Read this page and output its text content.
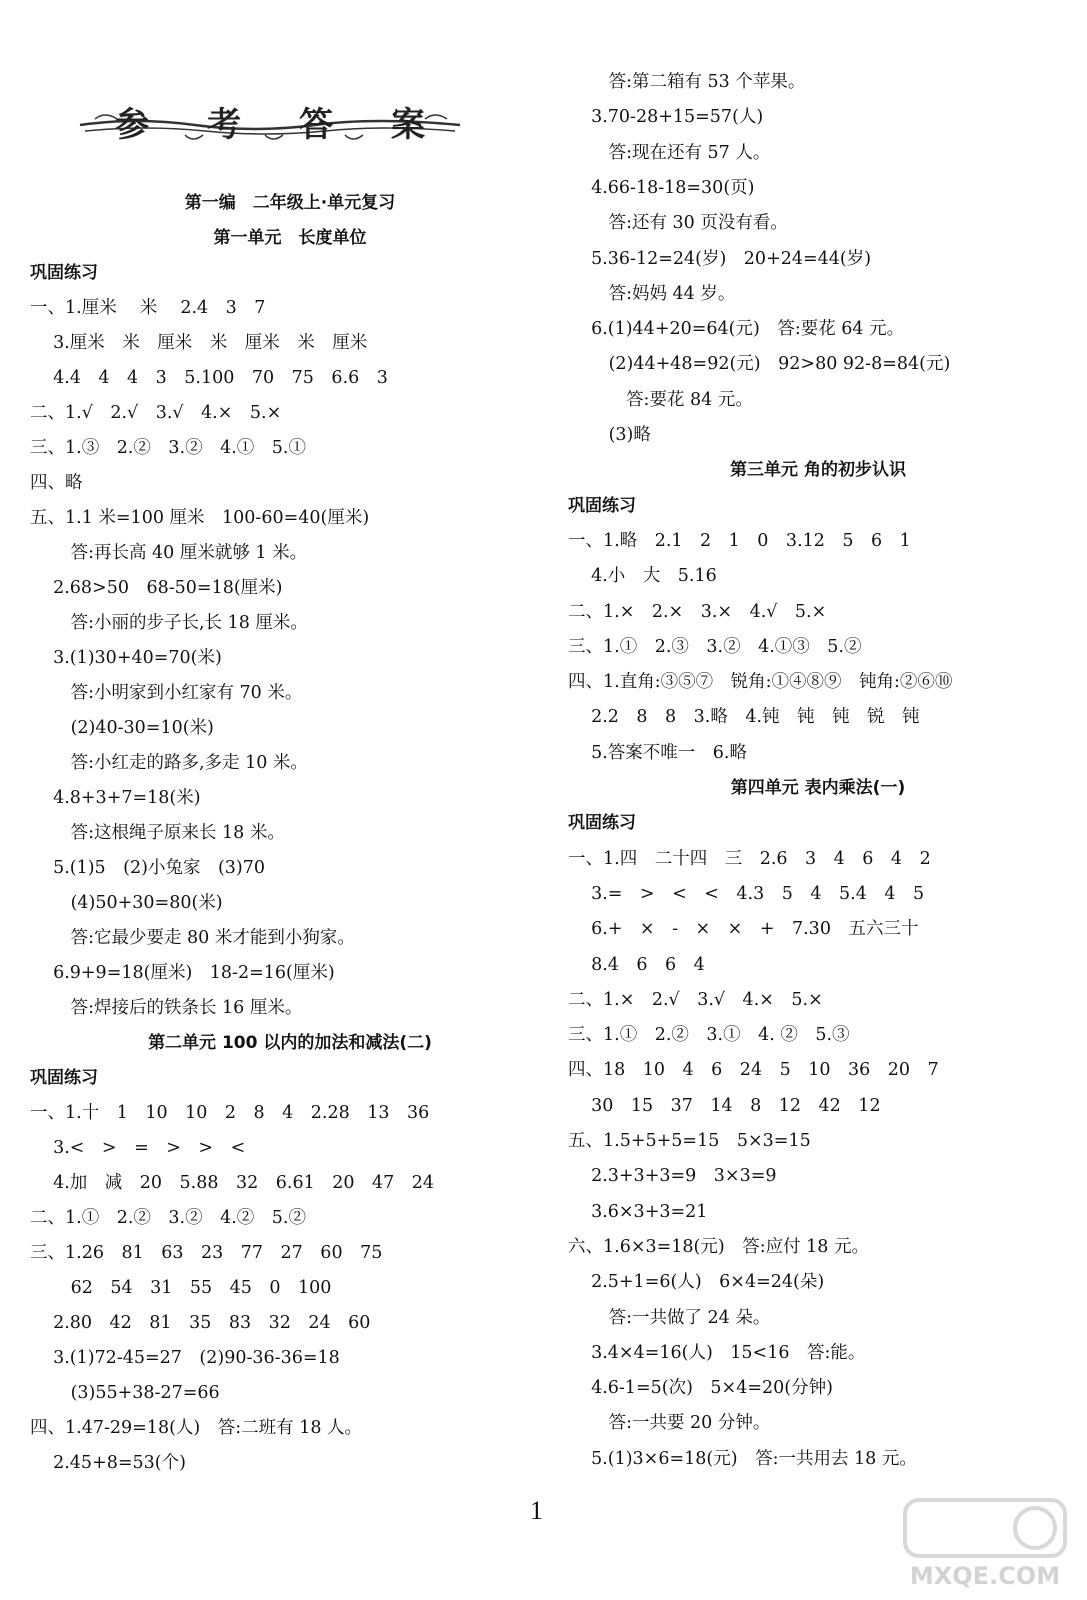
参 考 答 案
第一编　二年级上·单元复习
第一单元　长度单位
巩固练习
一、1.厘米　 米　 2.4　3　7
　 3.厘米　米　厘米　米　厘米　米　厘米
　 4.4　4　4　3　5.100　70　75　6.6　3
二、1.√　2.√　3.√　4.×　5.×
三、1.③　2.②　3.②　4.①　5.①
四、略
五、1.1 米=100 厘米　100-60=40(厘米)
　　 答:再长高 40 厘米就够 1 米。
　 2.68>50　68-50=18(厘米)
　　 答:小丽的步子长,长 18 厘米。
　 3.(1)30+40=70(米)
　　 答:小明家到小红家有 70 米。
　　 (2)40-30=10(米)
　　 答:小红走的路多,多走 10 米。
　 4.8+3+7=18(米)
　　 答:这根绳子原来长 18 米。
　 5.(1)5　(2)小兔家　(3)70
　　 (4)50+30=80(米)
　　 答:它最少要走 80 米才能到小狗家。
　 6.9+9=18(厘米)　18-2=16(厘米)
　　 答:焊接后的铁条长 16 厘米。
第二单元 100 以内的加法和减法(二)
巩固练习
一、1.十　1　10　10　2　8　4　2.28　13　36
　 3.<　>　=　>　>　<
　 4.加　减　20　5.88　32　6.61　20　47　24
二、1.①　2.②　3.②　4.②　5.②
三、1.26　81　63　23　77　27　60　75
　　 62　54　31　55　45　0　100
　 2.80　42　81　35　83　32　24　60
　 3.(1)72-45=27　(2)90-36-36=18
　　 (3)55+38-27=66
四、1.47-29=18(人)　答:二班有 18 人。
　 2.45+8=53(个)
　　 答:第二箱有 53 个苹果。
　 3.70-28+15=57(人)
　　 答:现在还有 57 人。
　 4.66-18-18=30(页)
　　 答:还有 30 页没有看。
　 5.36-12=24(岁)　20+24=44(岁)
　　 答:妈妈 44 岁。
　 6.(1)44+20=64(元)　答:要花 64 元。
　　 (2)44+48=92(元)　92>80 92-8=84(元)
　　　 答:要花 84 元。
　　 (3)略
第三单元 角的初步认识
巩固练习
一、1.略　2.1　2　1　0　3.12　5　6　1
　 4.小　大　5.16
二、1.×　2.×　3.×　4.√　5.×
三、1.①　2.③　3.②　4.①③　5.②
四、1.直角:③⑤⑦　锐角:①④⑧⑨　钝角:②⑥⑩
　 2.2　8　8　3.略　4.钝　钝　钝　锐　钝
　 5.答案不唯一　6.略
第四单元 表内乘法(一)
巩固练习
一、1.四　二十四　三　2.6　3　4　6　4　2
　 3.=　>　<　<　4.3　5　4　5.4　4　5
　 6.+　×　-　×　×　+　7.30　五六三十
　 8.4　6　6　4
二、1.×　2.√　3.√　4.×　5.×
三、1.①　2.②　3.①　4. ②　5.③
四、18　10　4　6　24　5　10　36　20　7
　 30　15　37　14　8　12　42　12
五、1.5+5+5=15　5×3=15
　 2.3+3+3=9　3×3=9
　 3.6×3+3=21
六、1.6×3=18(元)　答:应付 18 元。
　 2.5+1=6(人)　6×4=24(朵)
　　 答:一共做了 24 朵。
　 3.4×4=16(人)　15<16　答:能。
　 4.6-1=5(次)　5×4=20(分钟)
　　 答:一共要 20 分钟。
　 5.(1)3×6=18(元)　答:一共用去 18 元。
1
MXQE.COM
